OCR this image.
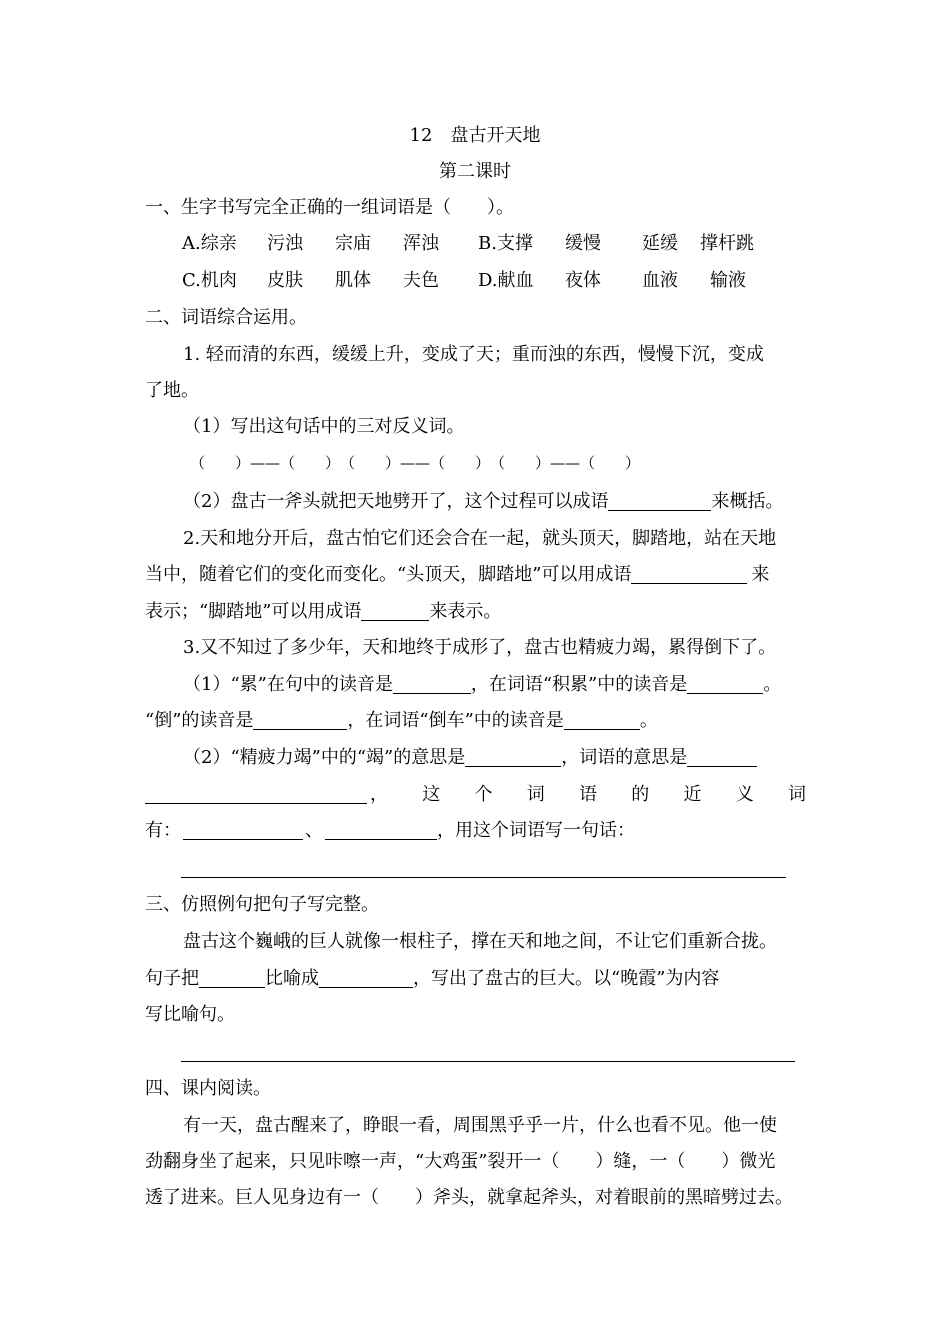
12　盘古开天地
第二课时
一、生字书写完全正确的一组词语是（　　）。
A.综亲 污浊 宗庙 浑浊 B.支撑 缓慢 延缓 撑杆跳
C.机肉 皮肤 肌体 夫色 D.献血 夜体 血液 输液
二、词语综合运用。
1. 轻而清的东西，缓缓上升，变成了天；重而浊的东西，慢慢下沉，变成
了地。
（1）写出这句话中的三对反义词。
（　　）——（　　）　（　　）——（　　）　（　　）——（　　）
（2）盘古一斧头就把天地劈开了，这个过程可以成语	来概括。
2.天和地分开后，盘古怕它们还会合在一起，就头顶天，脚踏地，站在天地
当中，随着它们的变化而变化。“头顶天，脚踏地”可以用成语	来
表示；“脚踏地”可以用成语	来表示。
3.又不知过了多少年，天和地终于成形了，盘古也精疲力竭，累得倒下了。
（1）“累”在句中的读音是	，在词语“积累”中的读音是	。
“倒”的读音是	，在词语“倒车”中的读音是	。
（2）“精疲力竭”中的“竭”的意思是	，词语的意思是
， 这 个 词 语 的 近 义 词
有：	、	，用这个词语写一句话：
三、仿照例句把句子写完整。
盘古这个巍峨的巨人就像一根柱子，撑在天和地之间，不让它们重新合拢。
句子把	比喻成	，写出了盘古的巨大。以“晚霞”为内容
写比喻句。
四、课内阅读。
有一天，盘古醒来了，睁眼一看，周围黑乎乎一片，什么也看不见。他一使
劲翻身坐了起来，只见咔嚓一声，“大鸡蛋”裂开一（　　）缝，一（　　）微光
透了进来。巨人见身边有一（　　）斧头，就拿起斧头，对着眼前的黑暗劈过去。
